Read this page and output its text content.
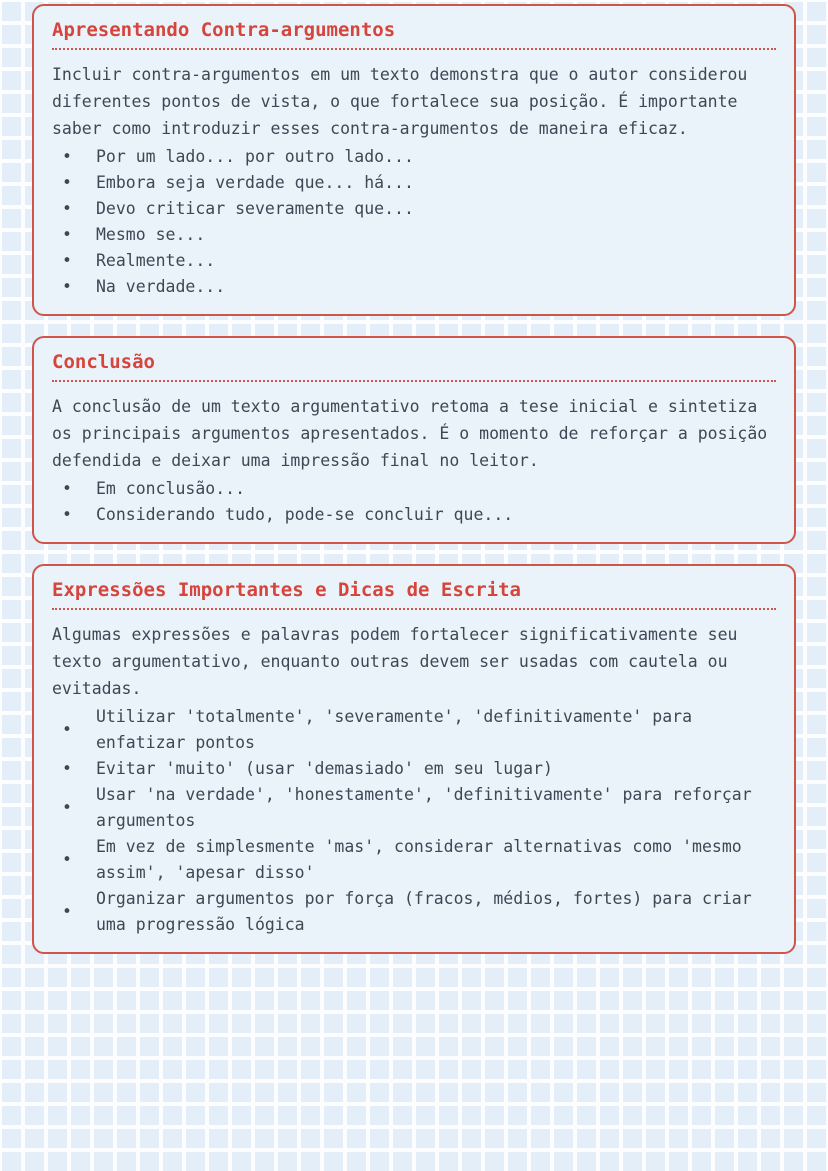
Apresentando Contra-argumentos

Incluir contra-argumentos em um texto demonstra que o autor considerou diferentes pontos de vista, o que fortalece sua posição. É importante saber como introduzir esses contra-argumentos de maneira eficaz.

• Por um lado... por outro lado...
• Embora seja verdade que... há...
• Devo criticar severamente que...
• Mesmo se...
• Realmente...
• Na verdade...
Conclusão

A conclusão de um texto argumentativo retoma a tese inicial e sintetiza os principais argumentos apresentados. É o momento de reforçar a posição defendida e deixar uma impressão final no leitor.

• Em conclusão...
• Considerando tudo, pode-se concluir que...
Expressões Importantes e Dicas de Escrita

Algumas expressões e palavras podem fortalecer significativamente seu texto argumentativo, enquanto outras devem ser usadas com cautela ou evitadas.

•
Utilizar 'totalmente', 'severamente', 'definitivamente' para enfatizar pontos
• Evitar 'muito' (usar 'demasiado' em seu lugar)
•
Usar 'na verdade', 'honestamente', 'definitivamente' para reforçar argumentos
•
Em vez de simplesmente 'mas', considerar alternativas como 'mesmo assim', 'apesar disso'
•
Organizar argumentos por força (fracos, médios, fortes) para criar uma progressão lógica
